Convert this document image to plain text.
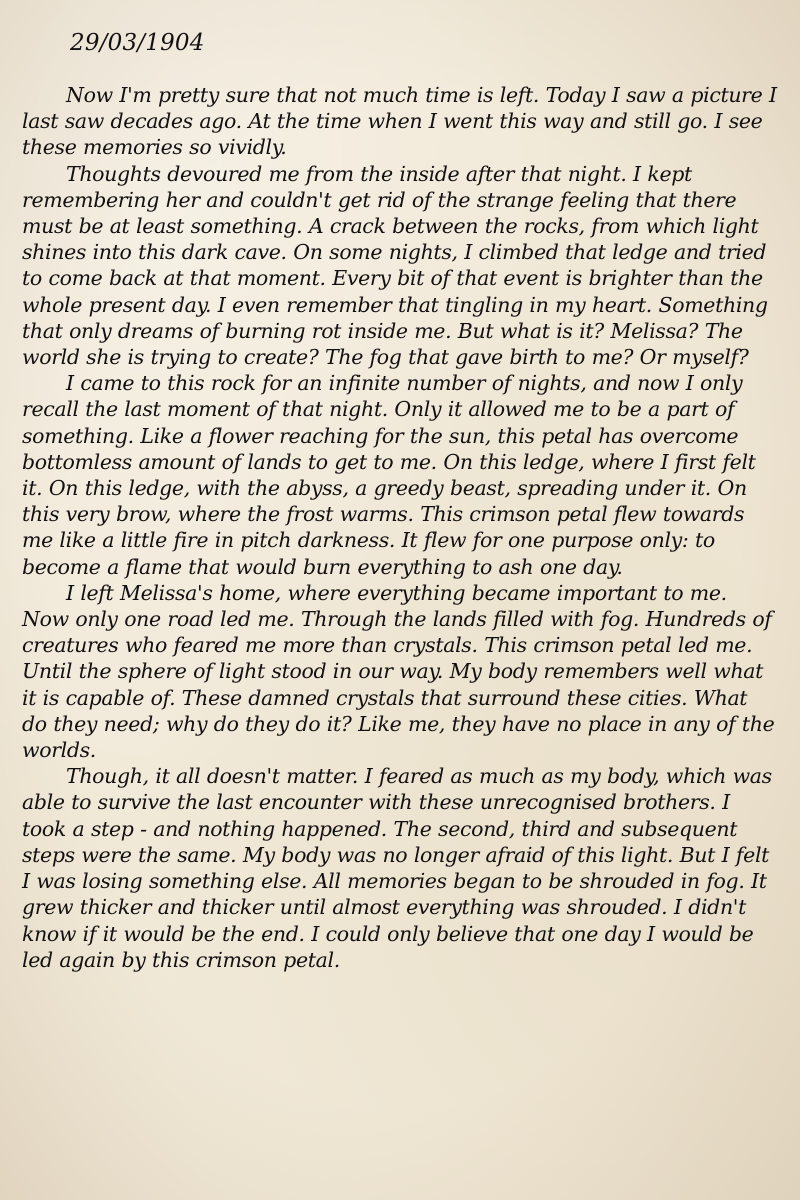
29/03/1904

Now I'm pretty sure that not much time is left. Today I saw a picture I last saw decades ago. At the time when I went this way and still go. I see these memories so vividly.

Thoughts devoured me from the inside after that night. I kept remembering her and couldn't get rid of the strange feeling that there must be at least something. A crack between the rocks, from which light shines into this dark cave. On some nights, I climbed that ledge and tried to come back at that moment. Every bit of that event is brighter than the whole present day. I even remember that tingling in my heart. Something that only dreams of burning rot inside me. But what is it? Melissa? The world she is trying to create? The fog that gave birth to me? Or myself?

I came to this rock for an infinite number of nights, and now I only recall the last moment of that night. Only it allowed me to be a part of something. Like a flower reaching for the sun, this petal has overcome bottomless amount of lands to get to me. On this ledge, where I first felt it. On this ledge, with the abyss, a greedy beast, spreading under it. On this very brow, where the frost warms. This crimson petal flew towards me like a little fire in pitch darkness. It flew for one purpose only: to become a flame that would burn everything to ash one day.

I left Melissa's home, where everything became important to me. Now only one road led me. Through the lands filled with fog. Hundreds of creatures who feared me more than crystals. This crimson petal led me. Until the sphere of light stood in our way. My body remembers well what it is capable of. These damned crystals that surround these cities. What do they need; why do they do it? Like me, they have no place in any of the worlds.

Though, it all doesn't matter. I feared as much as my body, which was able to survive the last encounter with these unrecognised brothers. I took a step - and nothing happened. The second, third and subsequent steps were the same. My body was no longer afraid of this light. But I felt I was losing something else. All memories began to be shrouded in fog. It grew thicker and thicker until almost everything was shrouded. I didn't know if it would be the end. I could only believe that one day I would be led again by this crimson petal.
